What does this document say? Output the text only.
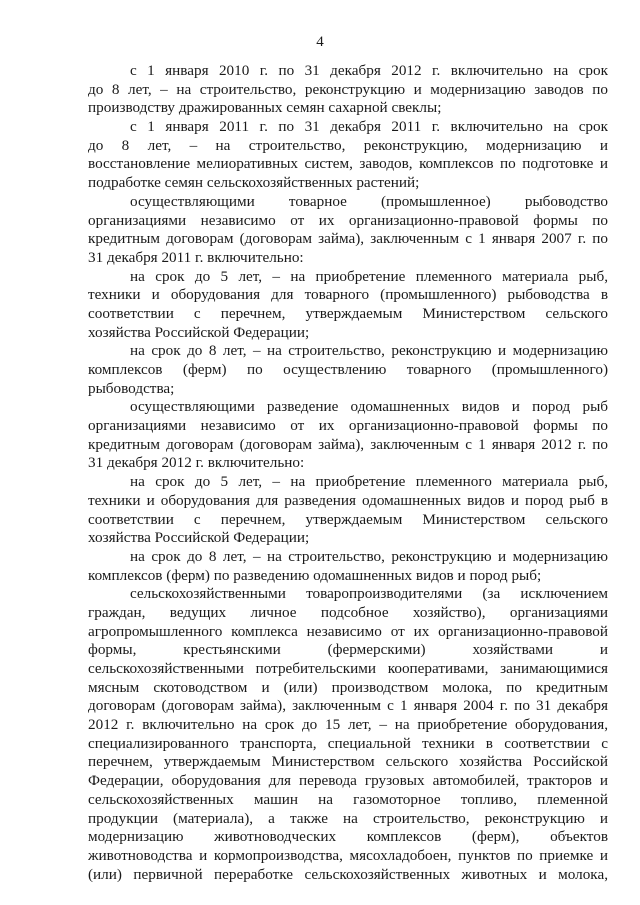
4
с 1 января 2010 г. по 31 декабря 2012 г. включительно на срок
до 8 лет, – на строительство, реконструкцию и модернизацию заводов по
производству дражированных семян сахарной свеклы;
с 1 января 2011 г. по 31 декабря 2011 г. включительно на срок
до 8 лет, – на строительство, реконструкцию, модернизацию и
восстановление мелиоративных систем, заводов, комплексов по подготовке и
подработке семян сельскохозяйственных растений;
осуществляющими товарное (промышленное) рыбоводство
организациями независимо от их организационно-правовой формы по
кредитным договорам (договорам займа), заключенным с 1 января 2007 г. по
31 декабря 2011 г. включительно:
на срок до 5 лет, – на приобретение племенного материала рыб,
техники и оборудования для товарного (промышленного) рыбоводства в
соответствии с перечнем, утверждаемым Министерством сельского
хозяйства Российской Федерации;
на срок до 8 лет, – на строительство, реконструкцию и модернизацию
комплексов (ферм) по осуществлению товарного (промышленного)
рыбоводства;
осуществляющими разведение одомашненных видов и пород рыб
организациями независимо от их организационно-правовой формы по
кредитным договорам (договорам займа), заключенным с 1 января 2012 г. по
31 декабря 2012 г. включительно:
на срок до 5 лет, – на приобретение племенного материала рыб,
техники и оборудования для разведения одомашненных видов и пород рыб в
соответствии с перечнем, утверждаемым Министерством сельского
хозяйства Российской Федерации;
на срок до 8 лет, – на строительство, реконструкцию и модернизацию
комплексов (ферм) по разведению одомашненных видов и пород рыб;
сельскохозяйственными товаропроизводителями (за исключением
граждан, ведущих личное подсобное хозяйство), организациями
агропромышленного комплекса независимо от их организационно-правовой
формы, крестьянскими (фермерскими) хозяйствами и
сельскохозяйственными потребительскими кооперативами, занимающимися
мясным скотоводством и (или) производством молока, по кредитным
договорам (договорам займа), заключенным с 1 января 2004 г. по 31 декабря
2012 г. включительно на срок до 15 лет, – на приобретение оборудования,
специализированного транспорта, специальной техники в соответствии с
перечнем, утверждаемым Министерством сельского хозяйства Российской
Федерации, оборудования для перевода грузовых автомобилей, тракторов и
сельскохозяйственных машин на газомоторное топливо, племенной
продукции (материала), а также на строительство, реконструкцию и
модернизацию животноводческих комплексов (ферм), объектов
животноводства и кормопроизводства, мясохладобоен, пунктов по приемке и
(или) первичной переработке сельскохозяйственных животных и молока,
